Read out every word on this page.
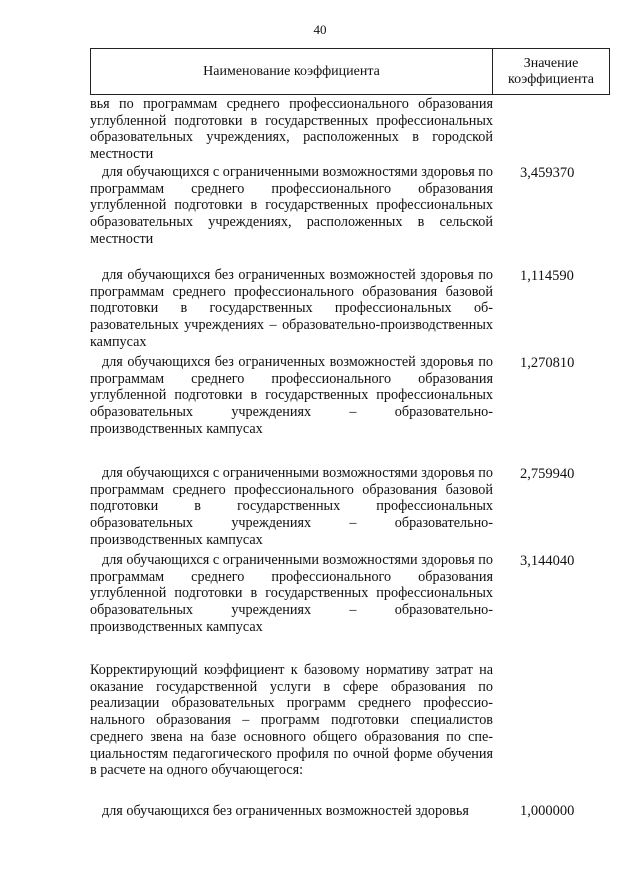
40
Наименование коэффициента
Значение
коэффициента

вья по программам среднего профессионального образования углубленной подготовки в государственных профессиональных образовательных учреждениях, расположенных в городской местности

для обучающихся с ограниченными возможностями здоровья по программам среднего профессионального образования углубленной подготовки в государственных профессиональных образовательных учреждениях, расположенных в сельской местности

3,459370

для обучающихся без ограниченных возможностей здоровья по программам среднего профессионального образования базовой подготовки в государственных профессиональных образовательных учреждениях – образовательно-производственных кампусах

1,114590

для обучающихся без ограниченных возможностей здоровья по программам среднего профессионального образования углубленной подготовки в государственных профессиональных образовательных учреждениях – образовательно-производственных кампусах

1,270810

для обучающихся с ограниченными возможностями здоровья по программам среднего профессионального образования базовой подготовки в государственных профессиональных образовательных учреждениях – образовательно-производственных кампусах

2,759940

для обучающихся с ограниченными возможностями здоровья по программам среднего профессионального образования углубленной подготовки в государственных профессиональных образовательных учреждениях – образовательно-производственных кампусах

3,144040

Корректирующий коэффициент к базовому нормативу затрат на оказание государственной услуги в сфере образования по реализации образовательных программ среднего профессионального образования – программ подготовки специалистов среднего звена на базе основного общего образования по специальностям педагогического профиля по очной форме обучения в расчете на одного обучающегося:

для обучающихся без ограниченных возможностей здоровья	1,000000
